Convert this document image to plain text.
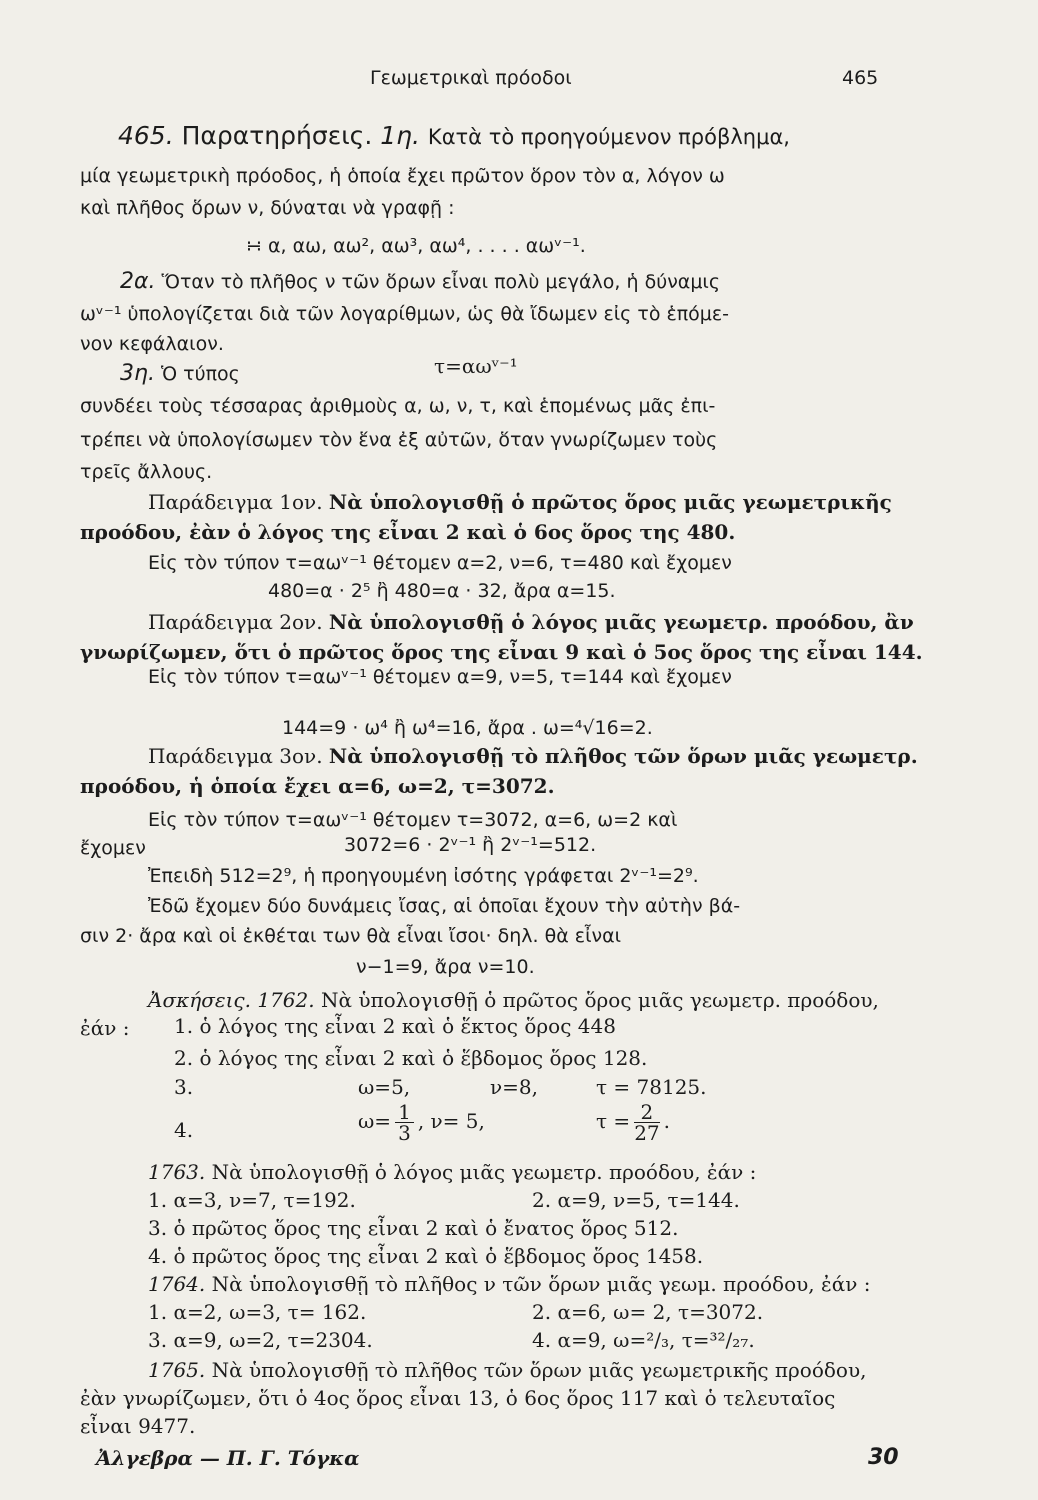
Γεωμετρικαὶ πρόοδοι	465
465. Παρατηρήσεις. 1η. Κατὰ τὸ προηγούμενον πρόβλημα,
μία γεωμετρικὴ πρόοδος, ἡ ὁποία ἔχει πρῶτον ὅρον τὸν α, λόγον ω
καὶ πλῆθος ὅρων ν, δύναται νὰ γραφῇ :
∺ α, αω, αω², αω³, αω⁴, . . . . αωᵛ⁻¹.
2α. Ὅταν τὸ πλῆθος ν τῶν ὅρων εἶναι πολὺ μεγάλο, ἡ δύναμις
ωᵛ⁻¹ ὑπολογίζεται διὰ τῶν λογαρίθμων, ὡς θὰ ἴδωμεν εἰς τὸ ἑπόμε-
νον κεφάλαιον.
3η. Ὁ τύπος	τ=αωᵛ⁻¹
συνδέει τοὺς τέσσαρας ἀριθμοὺς α, ω, ν, τ, καὶ ἑπομένως μᾶς ἐπι-
τρέπει νὰ ὑπολογίσωμεν τὸν ἕνα ἐξ αὐτῶν, ὅταν γνωρίζωμεν τοὺς
τρεῖς ἄλλους.
Παράδειγμα 1ον. Νὰ ὑπολογισθῇ ὁ πρῶτος ὅρος μιᾶς γεωμετρικῆς
προόδου, ἐὰν ὁ λόγος της εἶναι 2 καὶ ὁ 6ος ὅρος της 480.
Εἰς τὸν τύπον τ=αωᵛ⁻¹ θέτομεν α=2, ν=6, τ=480 καὶ ἔχομεν
480=α · 2⁵ ἢ 480=α · 32, ἄρα α=15.
Παράδειγμα 2ον. Νὰ ὑπολογισθῇ ὁ λόγος μιᾶς γεωμετρ. προόδου, ἂν
γνωρίζωμεν, ὅτι ὁ πρῶτος ὅρος της εἶναι 9 καὶ ὁ 5ος ὅρος της εἶναι 144.
Εἰς τὸν τύπον τ=αωᵛ⁻¹ θέτομεν α=9, ν=5, τ=144 καὶ ἔχομεν
144=9 · ω⁴ ἢ ω⁴=16, ἄρα . ω=⁴√16=2.
Παράδειγμα 3ον. Νὰ ὑπολογισθῇ τὸ πλῆθος τῶν ὅρων μιᾶς γεωμετρ.
προόδου, ἡ ὁποία ἔχει α=6, ω=2, τ=3072.
Εἰς τὸν τύπον τ=αωᵛ⁻¹ θέτομεν τ=3072, α=6, ω=2 καὶ
ἔχομεν	3072=6 · 2ᵛ⁻¹ ἢ 2ᵛ⁻¹=512.
Ἐπειδὴ 512=2⁹, ἡ προηγουμένη ἰσότης γράφεται 2ᵛ⁻¹=2⁹.
Ἐδῶ ἔχομεν δύο δυνάμεις ἴσας, αἱ ὁποῖαι ἔχουν τὴν αὐτὴν βά-
σιν 2· ἄρα καὶ οἱ ἐκθέται των θὰ εἶναι ἴσοι· δηλ. θὰ εἶναι
ν−1=9, ἄρα ν=10.
Ἀσκήσεις. 1762. Νὰ ὑπολογισθῇ ὁ πρῶτος ὅρος μιᾶς γεωμετρ. προόδου,
ἐάν : 1. ὁ λόγος της εἶναι 2 καὶ ὁ ἕκτος ὅρος 448
2. ὁ λόγος της εἶναι 2 καὶ ὁ ἕβδομος ὅρος 128.
3.	ω=5,	ν=8,	τ = 78125.
4.	$\omega= \frac{1}{3}$ , ν= 5,	$\tau = \frac{2}{27}$ .
1763. Νὰ ὑπολογισθῇ ὁ λόγος μιᾶς γεωμετρ. προόδου, ἐάν :
1. α=3, ν=7, τ=192.	2. α=9, ν=5, τ=144.
3. ὁ πρῶτος ὅρος της εἶναι 2 καὶ ὁ ἔνατος ὅρος 512.
4. ὁ πρῶτος ὅρος της εἶναι 2 καὶ ὁ ἕβδομος ὅρος 1458.
1764. Νὰ ὑπολογισθῇ τὸ πλῆθος ν τῶν ὅρων μιᾶς γεωμ. προόδου, ἐάν :
1. α=2, ω=3, τ= 162.	2. α=6, ω= 2, τ=3072.
3. α=9, ω=2, τ=2304.	4. α=9, ω=²/₃, τ=³²/₂₇.
1765. Νὰ ὑπολογισθῇ τὸ πλῆθος τῶν ὅρων μιᾶς γεωμετρικῆς προόδου,
ἐὰν γνωρίζωμεν, ὅτι ὁ 4ος ὅρος εἶναι 13, ὁ 6ος ὅρος 117 καὶ ὁ τελευταῖος
εἶναι 9477.
Ἀλγεβρα — Π. Γ. Τόγκα	30
